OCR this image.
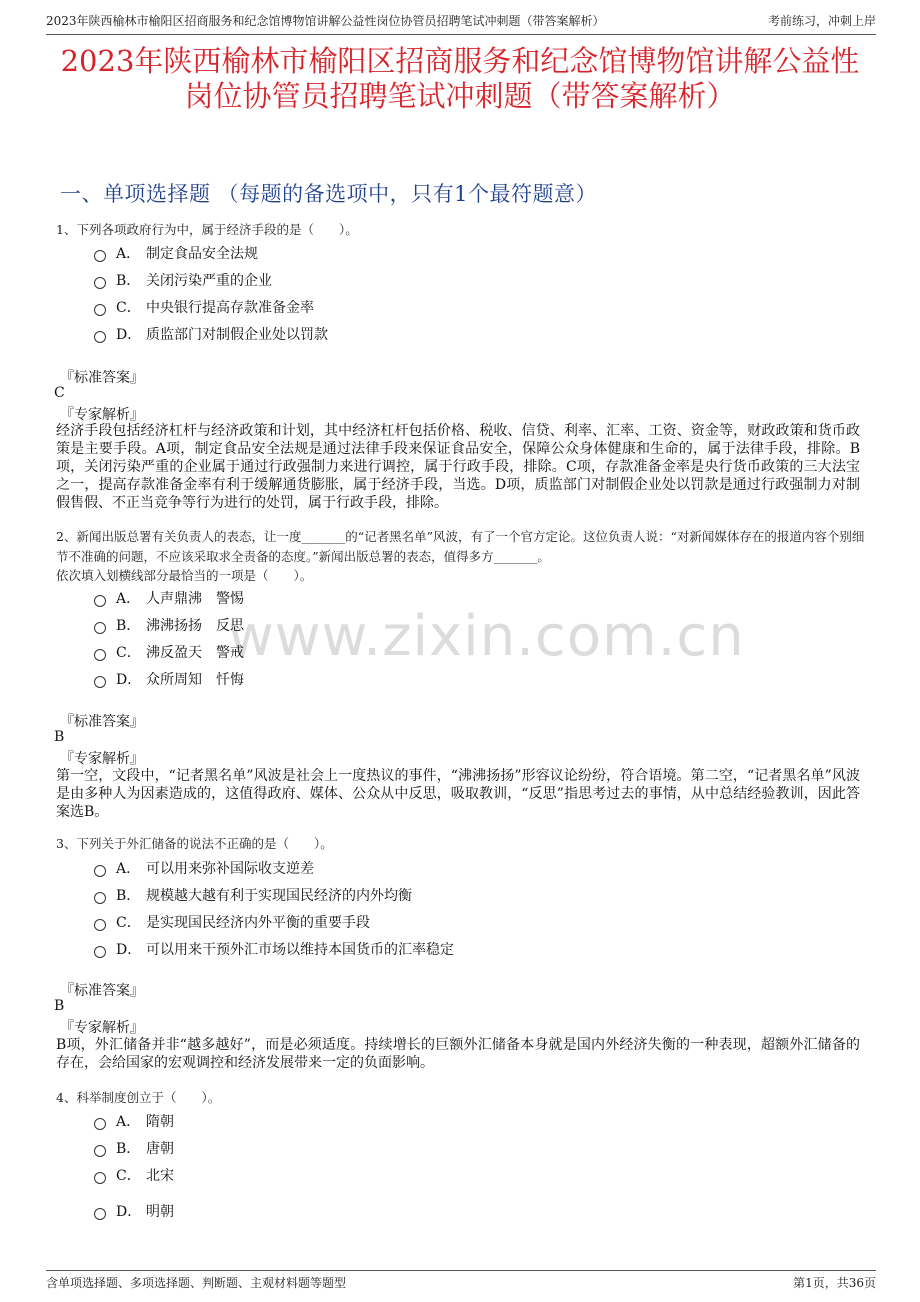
2023年陕西榆林市榆阳区招商服务和纪念馆博物馆讲解公益性岗位协管员招聘笔试冲刺题（带答案解析）	考前练习，冲刺上岸
2023年陕西榆林市榆阳区招商服务和纪念馆博物馆讲解公益性
岗位协管员招聘笔试冲刺题（带答案解析）
一、单项选择题 （每题的备选项中，只有1个最符题意）
www.zixin.com.cn
1、下列各项政府行为中，属于经济手段的是（　　）。
A． 制定食品安全法规
B． 关闭污染严重的企业
C． 中央银行提高存款准备金率
D． 质监部门对制假企业处以罚款
『标准答案』
C
『专家解析』
经济手段包括经济杠杆与经济政策和计划，其中经济杠杆包括价格、税收、信贷、利率、汇率、工资、资金等，财政政策和货币政策是主要手段。A项，制定食品安全法规是通过法律手段来保证食品安全，保障公众身体健康和生命的，属于法律手段，排除。B项，关闭污染严重的企业属于通过行政强制力来进行调控，属于行政手段，排除。C项，存款准备金率是央行货币政策的三大法宝之一，提高存款准备金率有利于缓解通货膨胀，属于经济手段，当选。D项，质监部门对制假企业处以罚款是通过行政强制力对制假售假、不正当竞争等行为进行的处罚，属于行政手段，排除。
2、新闻出版总署有关负责人的表态，让一度_______的“记者黑名单”风波，有了一个官方定论。这位负责人说：“对新闻媒体存在的报道内容个别细节不准确的问题，不应该采取求全责备的态度。”新闻出版总署的表态，值得多方_______。
依次填入划横线部分最恰当的一项是（　　）。
A． 人声鼎沸　警惕
B． 沸沸扬扬　反思
C． 沸反盈天　警戒
D． 众所周知　忏悔
『标准答案』
B
『专家解析』
第一空，文段中，“记者黑名单”风波是社会上一度热议的事件，“沸沸扬扬”形容议论纷纷，符合语境。第二空，“记者黑名单”风波是由多种人为因素造成的，这值得政府、媒体、公众从中反思，吸取教训，“反思”指思考过去的事情，从中总结经验教训，因此答案选B。
3、下列关于外汇储备的说法不正确的是（　　）。
A． 可以用来弥补国际收支逆差
B． 规模越大越有利于实现国民经济的内外均衡
C． 是实现国民经济内外平衡的重要手段
D． 可以用来干预外汇市场以维持本国货币的汇率稳定
『标准答案』
B
『专家解析』
B项，外汇储备并非“越多越好”，而是必须适度。持续增长的巨额外汇储备本身就是国内外经济失衡的一种表现，超额外汇储备的存在，会给国家的宏观调控和经济发展带来一定的负面影响。
4、科举制度创立于（　　）。
A． 隋朝
B． 唐朝
C． 北宋
D． 明朝
含单项选择题、多项选择题、判断题、主观材料题等题型	第1页，共36页
